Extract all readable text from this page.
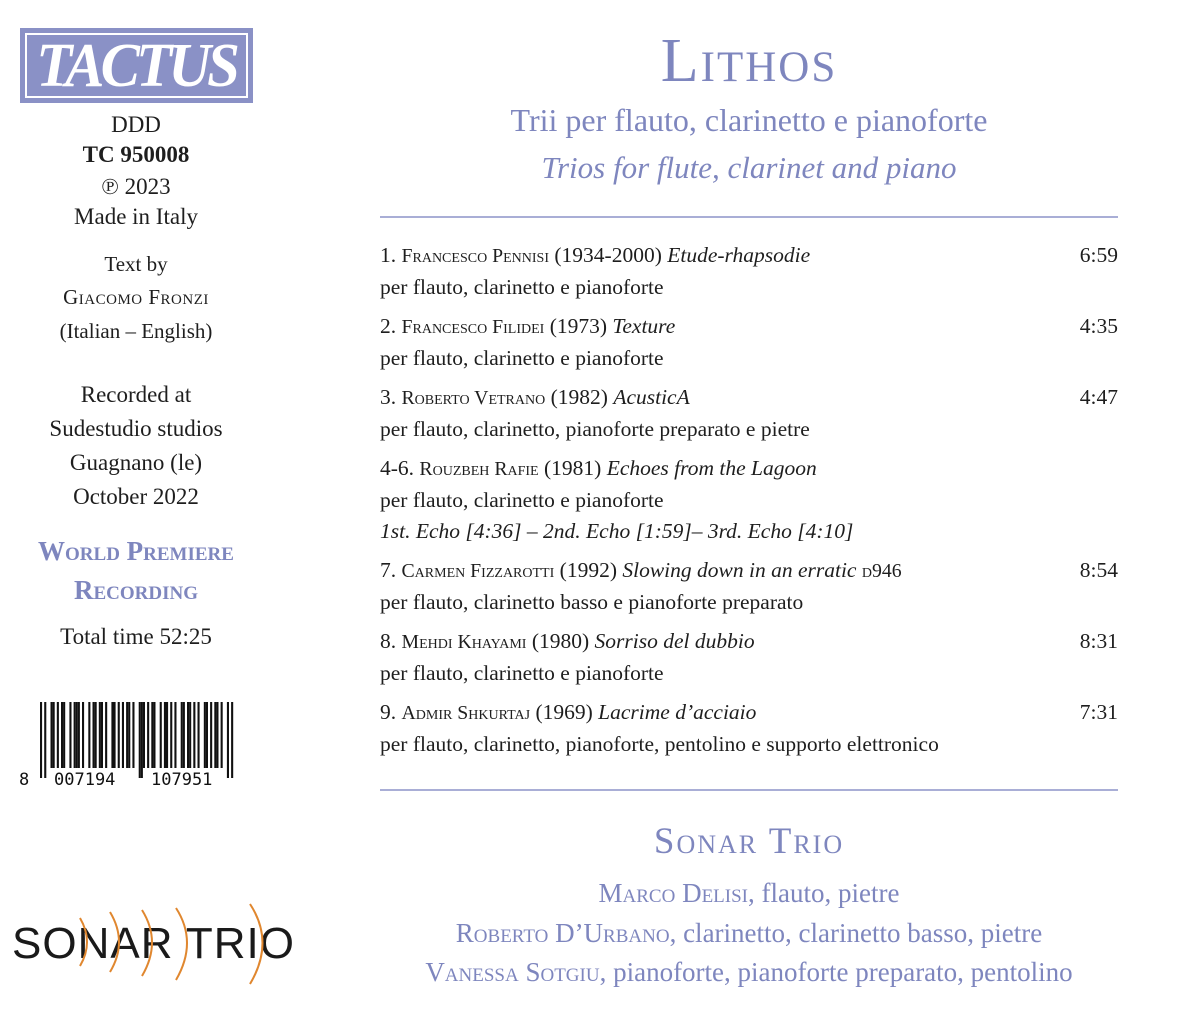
TACTUS
DDD
TC 950008
℗ 2023
Made in Italy
Text by
Giacomo Fronzi
(Italian – English)
Recorded at
Sudestudio studios
Guagnano (le)
October 2022
World Premiere
Recording
Total time 52:25
8 007194 107951
SONAR TRIO
Lithos
Trii per flauto, clarinetto e pianoforte
Trios for flute, clarinet and piano
1. Francesco Pennisi (1934-2000) Etude-rhapsodie	6:59
per flauto, clarinetto e pianoforte
2. Francesco Filidei (1973) Texture	4:35
per flauto, clarinetto e pianoforte
3. Roberto Vetrano (1982) AcusticA	4:47
per flauto, clarinetto, pianoforte preparato e pietre
4-6. Rouzbeh Rafie (1981) Echoes from the Lagoon
per flauto, clarinetto e pianoforte
1st. Echo [4:36] – 2nd. Echo [1:59]– 3rd. Echo [4:10]
7. Carmen Fizzarotti (1992) Slowing down in an erratic d946	8:54
per flauto, clarinetto basso e pianoforte preparato
8. Mehdi Khayami (1980) Sorriso del dubbio	8:31
per flauto, clarinetto e pianoforte
9. Admir Shkurtaj (1969) Lacrime d’acciaio	7:31
per flauto, clarinetto, pianoforte, pentolino e supporto elettronico
Sonar Trio
Marco Delisi, flauto, pietre
Roberto D’Urbano, clarinetto, clarinetto basso, pietre
Vanessa Sotgiu, pianoforte, pianoforte preparato, pentolino
